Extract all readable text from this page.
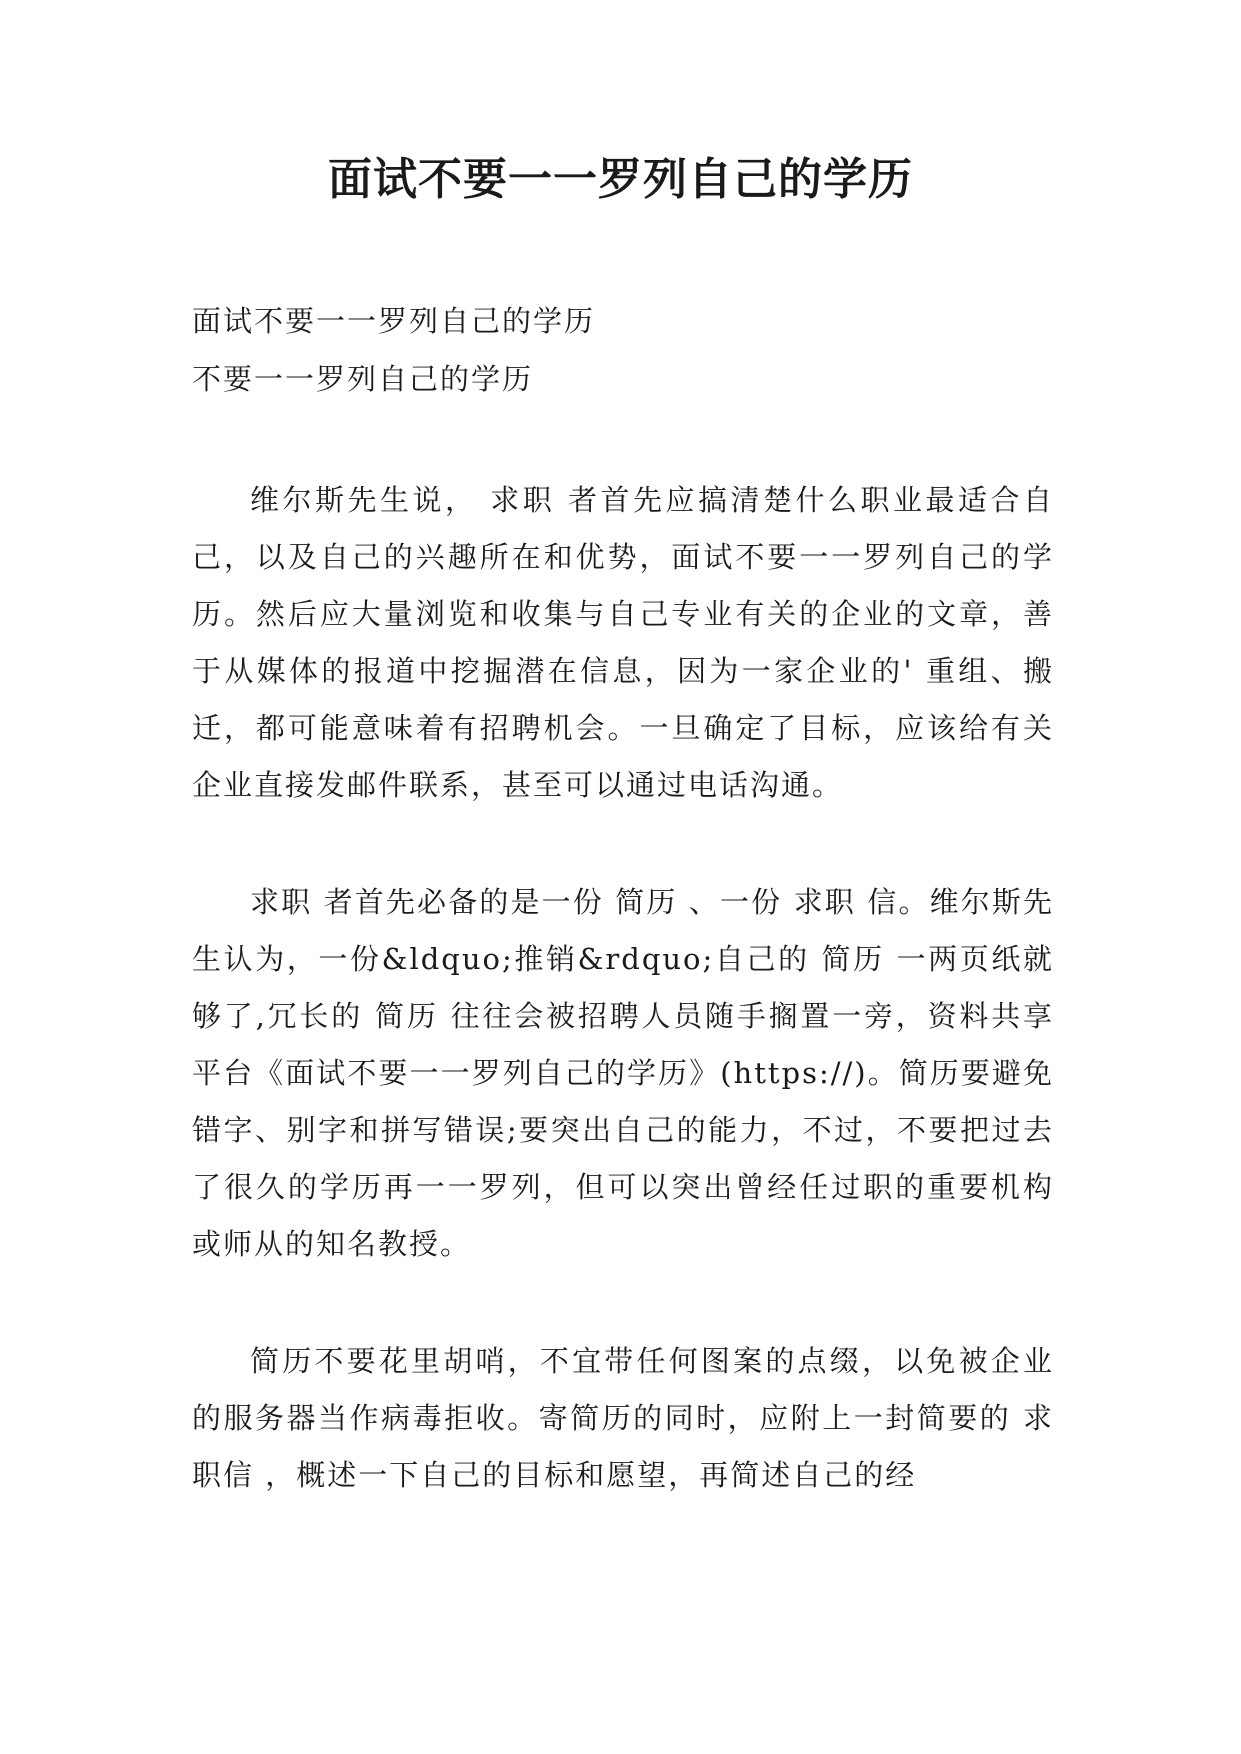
面试不要一一罗列自己的学历

面试不要一一罗列自己的学历

不要一一罗列自己的学历

维尔斯先生说， 求职 者首先应搞清楚什么职业最适合自己，以及自己的兴趣所在和优势，面试不要一一罗列自己的学历。然后应大量浏览和收集与自己专业有关的企业的文章，善于从媒体的报道中挖掘潜在信息，因为一家企业的' 重组、搬迁，都可能意味着有招聘机会。一旦确定了目标，应该给有关企业直接发邮件联系，甚至可以通过电话沟通。

求职 者首先必备的是一份 简历 、一份 求职 信。维尔斯先生认为，一份&ldquo;推销&rdquo;自己的 简历 一两页纸就够了,冗长的 简历 往往会被招聘人员随手搁置一旁，资料共享平台《面试不要一一罗列自己的学历》(https://)。简历要避免错字、别字和拼写错误;要突出自己的能力，不过，不要把过去了很久的学历再一一罗列，但可以突出曾经任过职的重要机构或师从的知名教授。

简历不要花里胡哨，不宜带任何图案的点缀，以免被企业的服务器当作病毒拒收。寄简历的同时，应附上一封简要的 求职信 ，概述一下自己的目标和愿望，再简述自己的经
